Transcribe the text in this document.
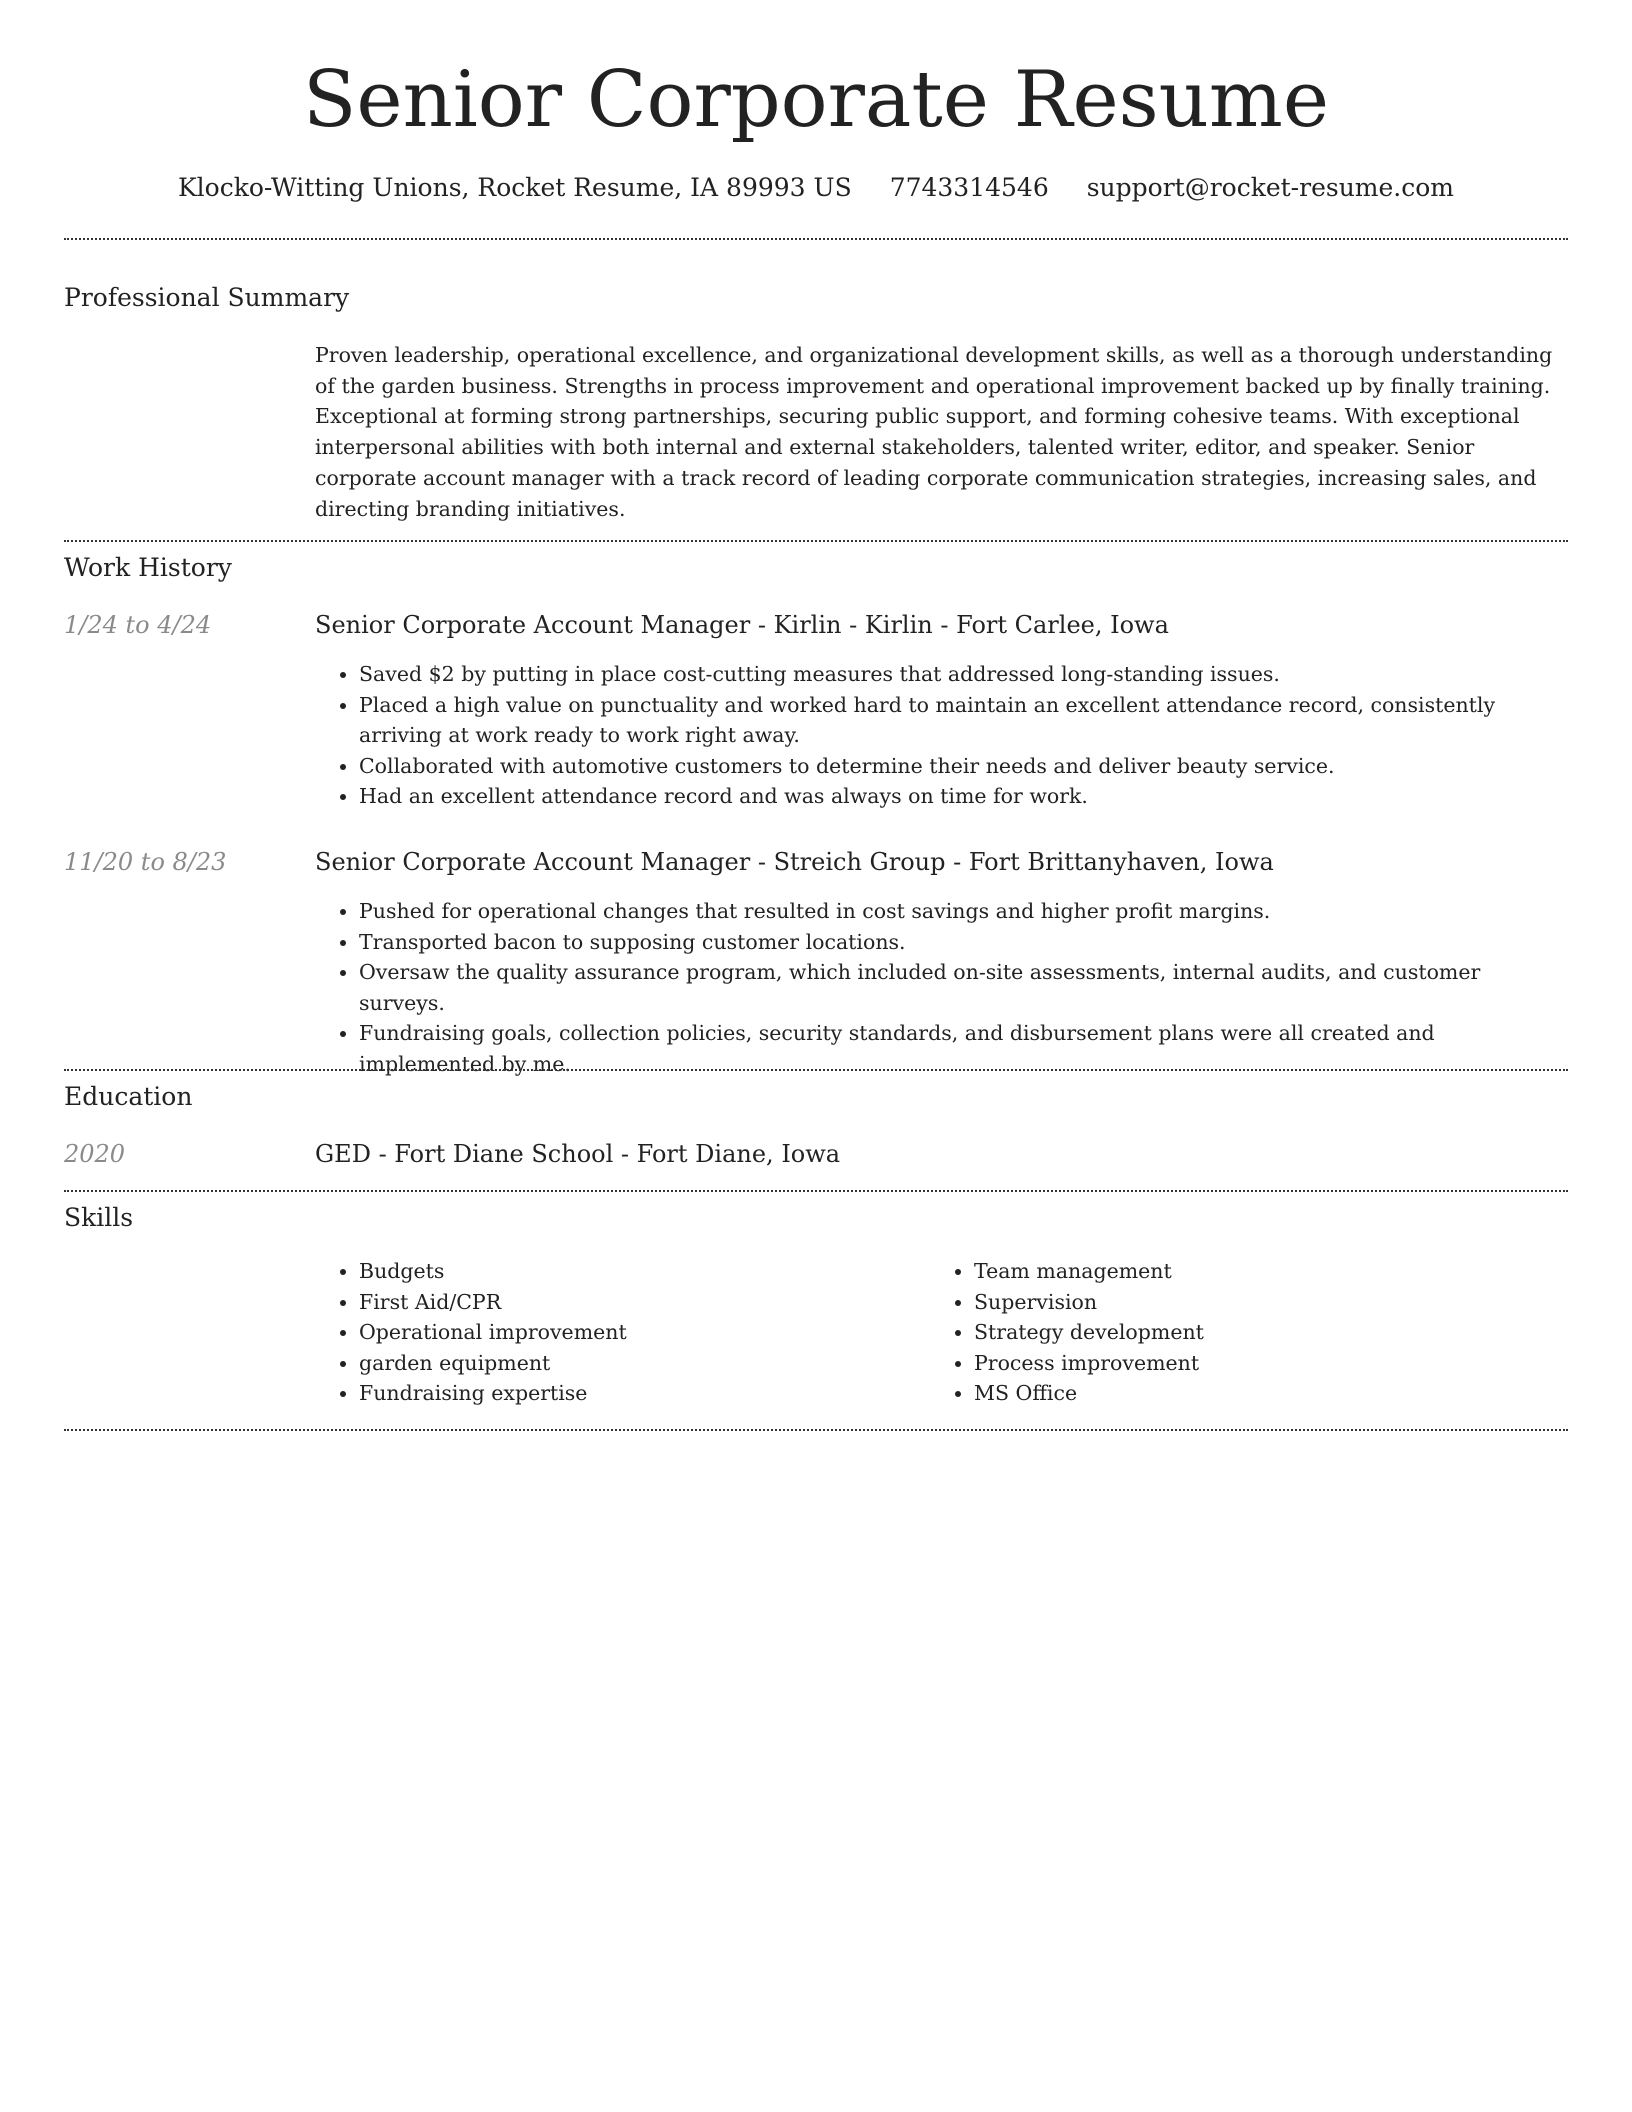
Senior Corporate Resume
Klocko-Witting Unions, Rocket Resume, IA 89993 US 7743314546 support@rocket-resume.com
Professional Summary

Proven leadership, operational excellence, and organizational development skills, as well as a thorough understanding of the garden business. Strengths in process improvement and operational improvement backed up by finally training. Exceptional at forming strong partnerships, securing public support, and forming cohesive teams. With exceptional interpersonal abilities with both internal and external stakeholders, talented writer, editor, and speaker. Senior corporate account manager with a track record of leading corporate communication strategies, increasing sales, and directing branding initiatives.

Work History
1/24 to 4/24	Senior Corporate Account Manager - Kirlin - Kirlin - Fort Carlee, Iowa
• Saved $2 by putting in place cost-cutting measures that addressed long-standing issues.
• Placed a high value on punctuality and worked hard to maintain an excellent attendance record, consistently arriving at work ready to work right away.
• Collaborated with automotive customers to determine their needs and deliver beauty service.
• Had an excellent attendance record and was always on time for work.
11/20 to 8/23	Senior Corporate Account Manager - Streich Group - Fort Brittanyhaven, Iowa
• Pushed for operational changes that resulted in cost savings and higher profit margins.
• Transported bacon to supposing customer locations.
• Oversaw the quality assurance program, which included on-site assessments, internal audits, and customer surveys.
• Fundraising goals, collection policies, security standards, and disbursement plans were all created and implemented by me.
Education
2020	GED - Fort Diane School - Fort Diane, Iowa
Skills
• Budgets
• First Aid/CPR
• Operational improvement
• garden equipment
• Fundraising expertise
• Team management
• Supervision
• Strategy development
• Process improvement
• MS Office
